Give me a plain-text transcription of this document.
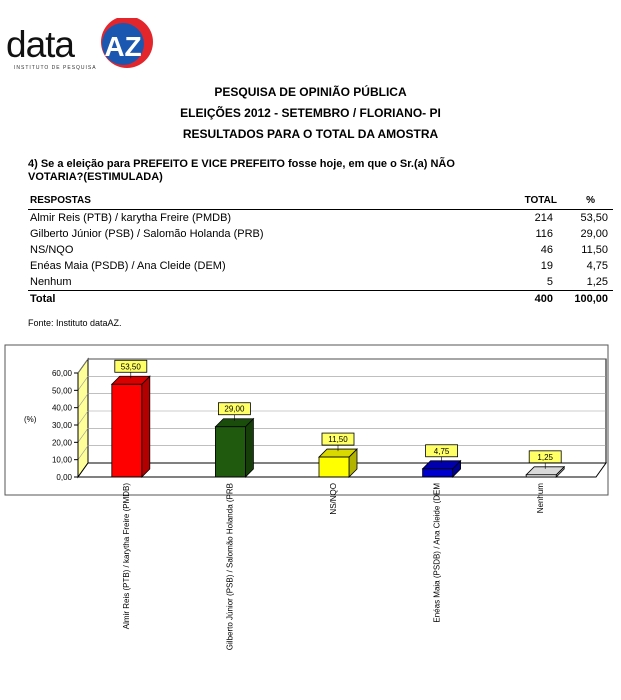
AZ
data
INSTITUTO DE PESQUISA
PESQUISA DE OPINIÃO PÚBLICA
ELEIÇÕES 2012 - SETEMBRO / FLORIANO- PI
RESULTADOS PARA O TOTAL DA AMOSTRA
4) Se a eleição para PREFEITO E VICE PREFEITO fosse hoje, em que o Sr.(a) NÃO VOTARIA?(ESTIMULADA)
RESPOSTAS	TOTAL	%
Almir Reis (PTB) / karytha Freire (PMDB)	214 53,50
Gilberto Júnior (PSB) / Salomão Holanda (PRB)	116 29,00
NS/NQO	46	11,50
Enéas Maia (PSDB) / Ana Cleide (DEM)	19	4,75
Nenhum	5	1,25
Total	400 100,00
Fonte: Instituto dataAZ.
0,00
10,00
20,00
30,00
40,00
50,00
60,00
(%)
53,50
Almir Reis (PTB) / karytha Freire (PMDB)
29,00
Gilberto Júnior (PSB) / Salomão Holanda (PRB
11,50
NS/NQO
4,75
Enéas Maia (PSDB) / Ana Cleide (DEM
1,25
Nenhum
